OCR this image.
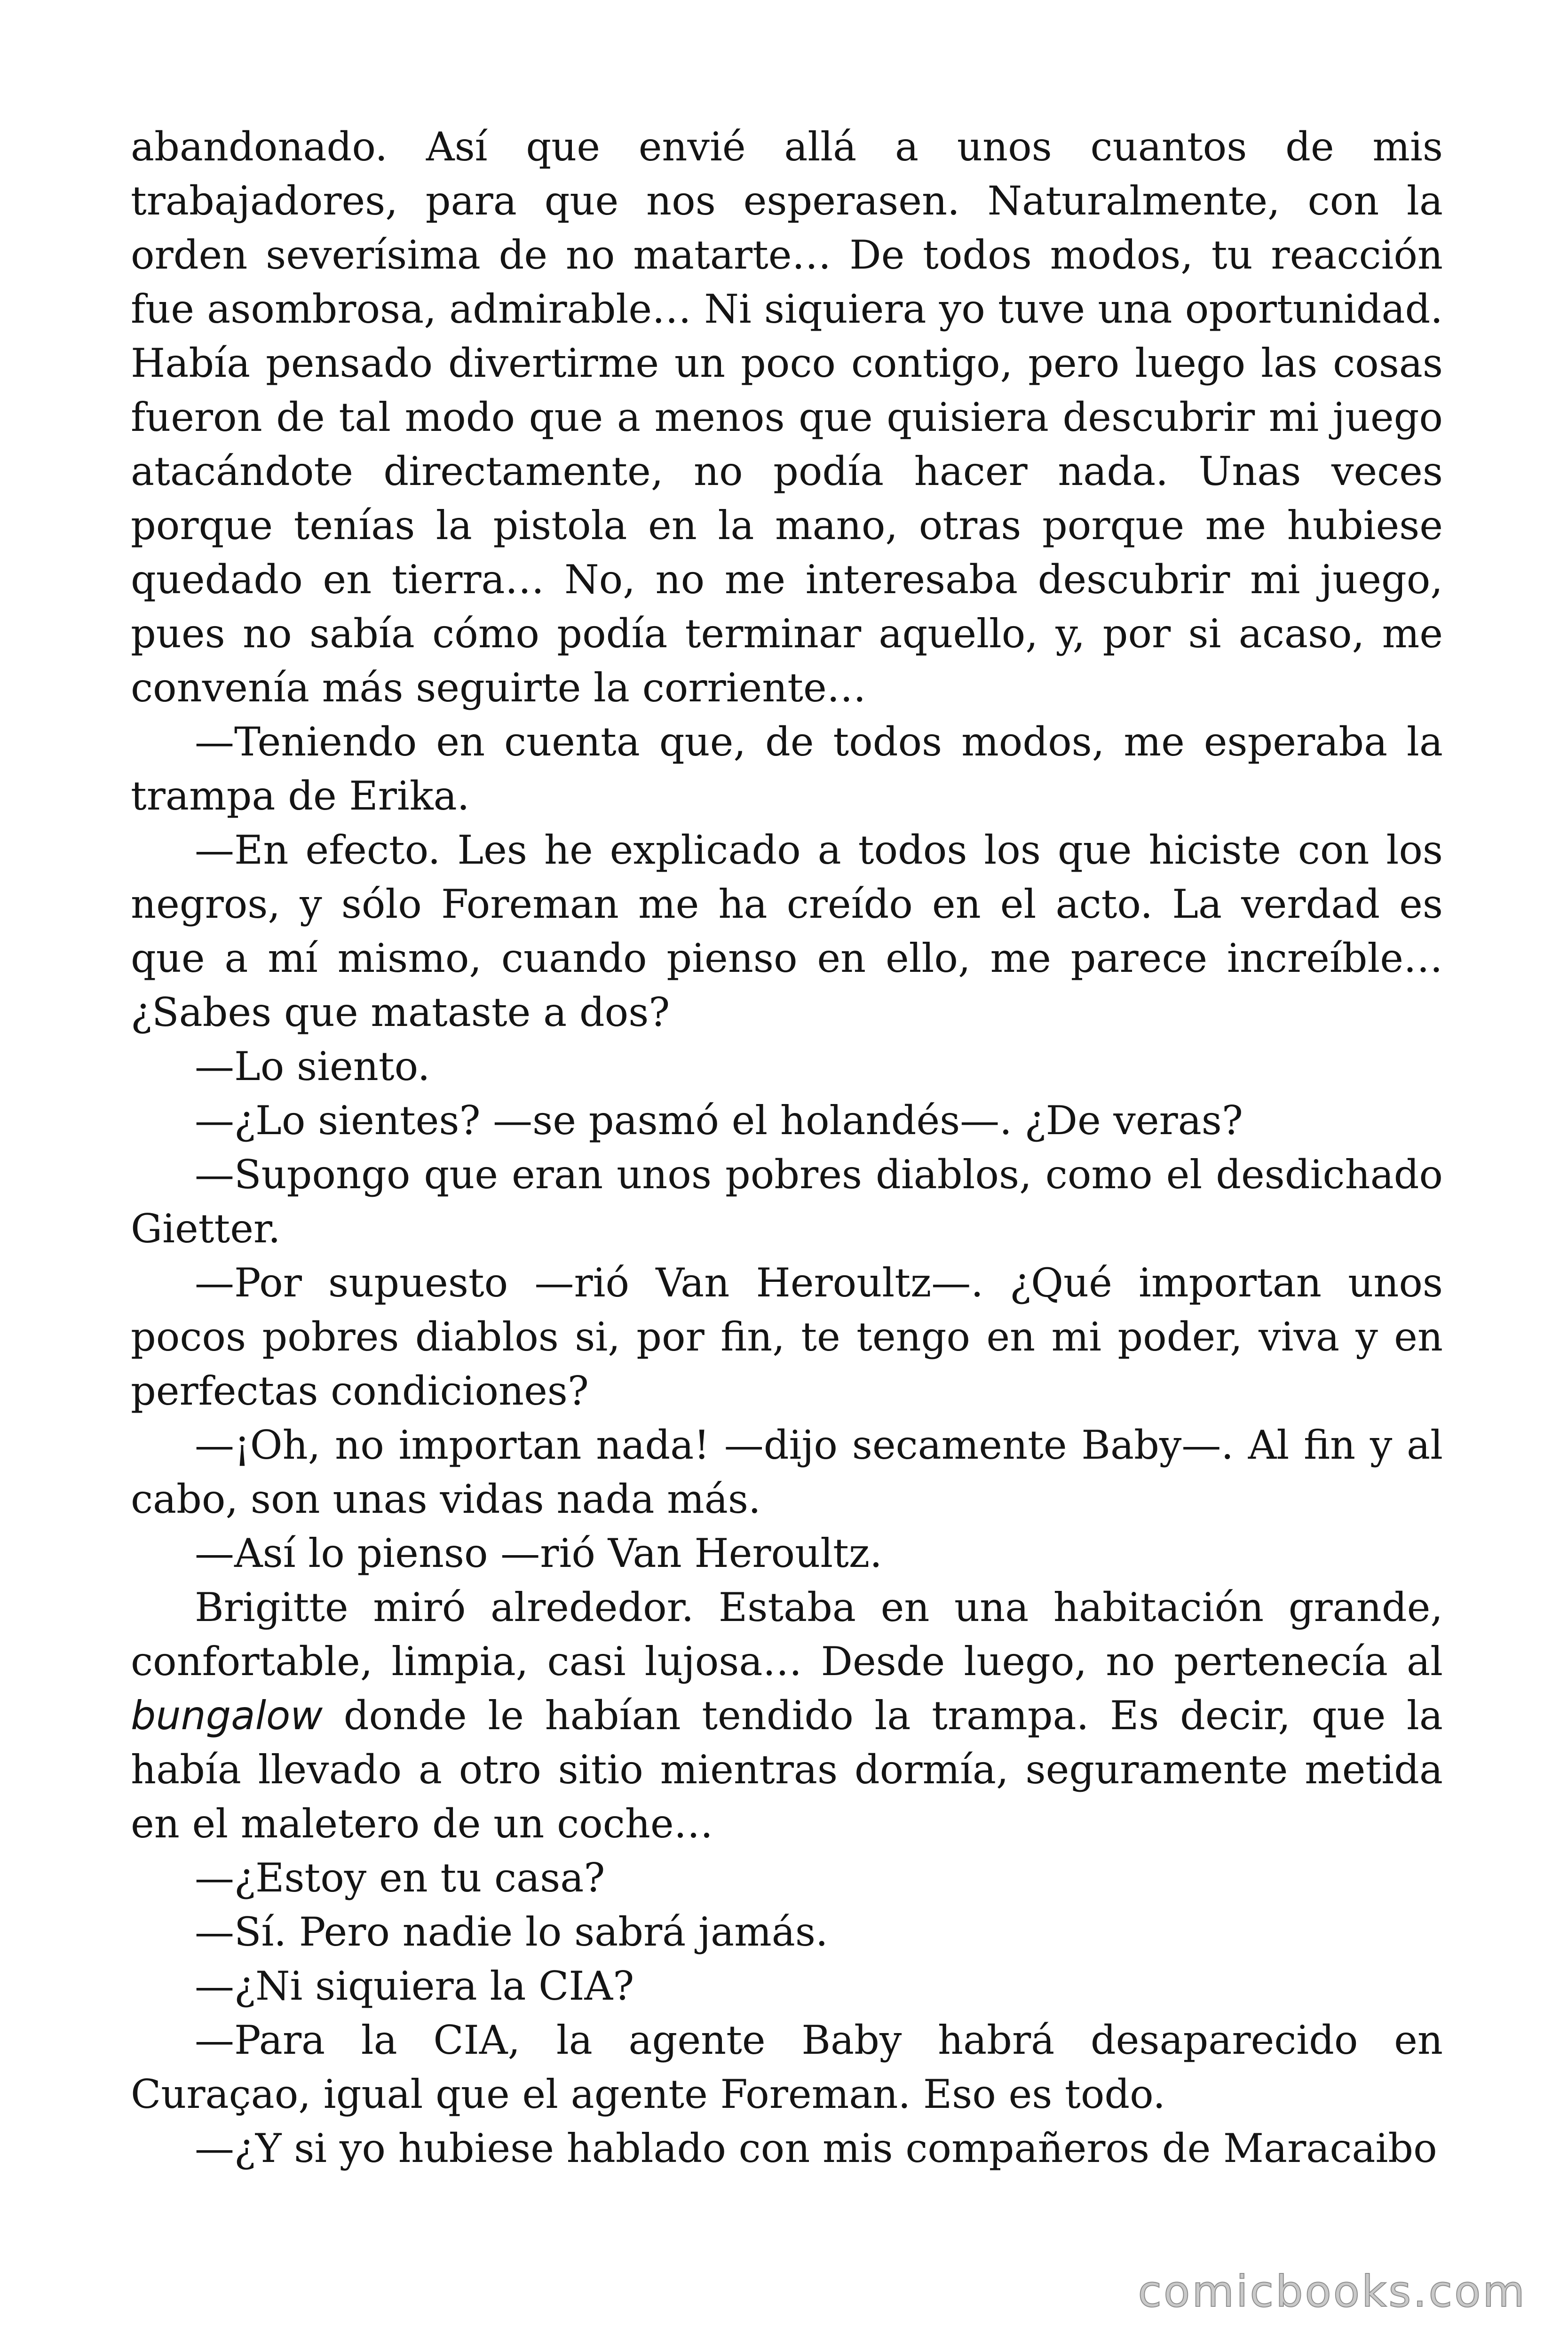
abandonado. Así que envié allá a unos cuantos de mis trabajadores, para que nos esperasen. Naturalmente, con la orden severísima de no matarte… De todos modos, tu reacción fue asombrosa, admirable… Ni siquiera yo tuve una oportunidad. Había pensado divertirme un poco contigo, pero luego las cosas fueron de tal modo que a menos que quisiera descubrir mi juego atacándote directamente, no podía hacer nada. Unas veces porque tenías la pistola en la mano, otras porque me hubiese quedado en tierra… No, no me interesaba descubrir mi juego, pues no sabía cómo podía terminar aquello, y, por si acaso, me convenía más seguirte la corriente…

—Teniendo en cuenta que, de todos modos, me esperaba la trampa de Erika.

—En efecto. Les he explicado a todos los que hiciste con los negros, y sólo Foreman me ha creído en el acto. La verdad es que a mí mismo, cuando pienso en ello, me parece increíble… ¿Sabes que mataste a dos?

—Lo siento.

—¿Lo sientes? —se pasmó el holandés—. ¿De veras?

—Supongo que eran unos pobres diablos, como el desdichado Gietter.

—Por supuesto —rió Van Heroultz—. ¿Qué importan unos pocos pobres diablos si, por fin, te tengo en mi poder, viva y en perfectas condiciones?

—¡Oh, no importan nada! —dijo secamente Baby—. Al fin y al cabo, son unas vidas nada más.

—Así lo pienso —rió Van Heroultz.

Brigitte miró alrededor. Estaba en una habitación grande, confortable, limpia, casi lujosa… Desde luego, no pertenecía al bungalow donde le habían tendido la trampa. Es decir, que la había llevado a otro sitio mientras dormía, seguramente metida en el maletero de un coche…

—¿Estoy en tu casa?

—Sí. Pero nadie lo sabrá jamás.

—¿Ni siquiera la CIA?

—Para la CIA, la agente Baby habrá desaparecido en Curaçao, igual que el agente Foreman. Eso es todo.

—¿Y si yo hubiese hablado con mis compañeros de Maracaibo

comicbooks.com
